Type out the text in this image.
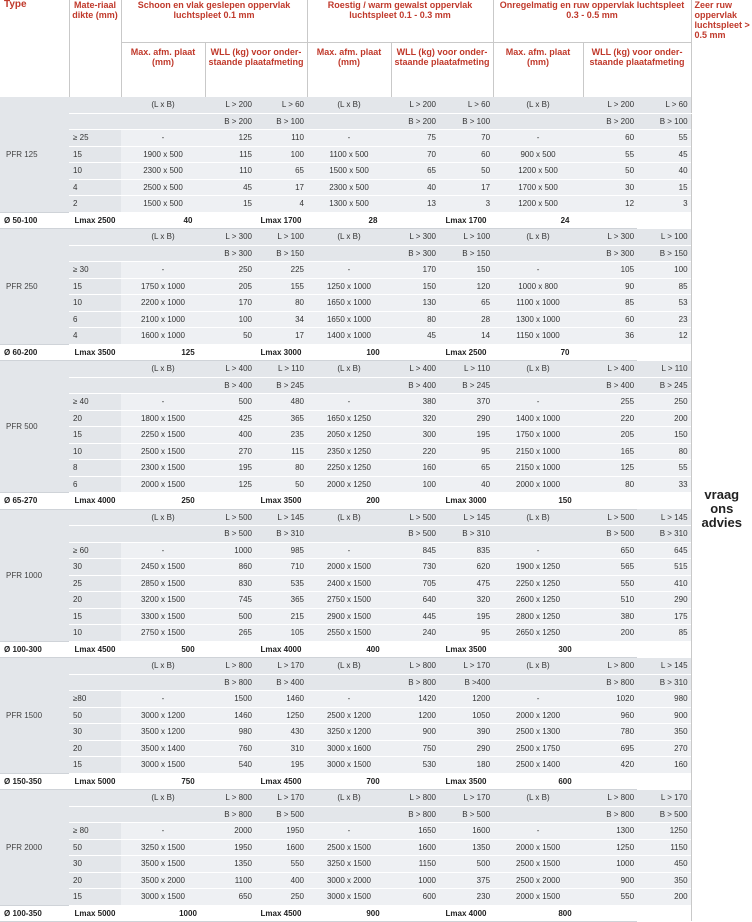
Type	Mate-riaal dikte (mm)	Schoon en vlak geslepen oppervlak luchtspleet 0.1 mm			Roestig / warm gewalst oppervlak luchtspleet 0.1 - 0.3 mm			Onregelmatig en ruw oppervlak luchtspleet 0.3 - 0.5 mm			Zeer ruw oppervlak luchtspleet > 0.5 mm
		Max. afm. plaat (mm)	WLL (kg) voor onder-staande plaatafmeting		Max. afm. plaat (mm)	WLL (kg) voor onder-staande plaatafmeting		Max. afm. plaat (mm)	WLL (kg) voor onder-staande plaatafmeting		
PFR 125		(L x B)	L > 200	L > 60	(L x B)	L > 200	L > 60	(L x B)	L > 200	L > 60	vraag ons advies
			B > 200	B > 100		B > 200	B > 100		B > 200	B > 100	
	≥ 25	-	125	110	-	75	70	-	60	55	
	15	1900 x 500	115	100	1100 x 500	70	60	900 x 500	55	45	
	10	2300 x 500	110	65	1500 x 500	65	50	1200 x 500	50	40	
	4	2500 x 500	45	17	2300 x 500	40	17	1700 x 500	30	15	
	2	1500 x 500	15	4	1300 x 500	13	3	1200 x 500	12	3	
Ø 50-100	Lmax 2500	40		Lmax 1700	28		Lmax 1700	24			
PFR 250		(L x B)	L > 300	L > 100	(L x B)	L > 300	L > 100	(L x B)	L > 300	L > 100	
			B > 300	B > 150		B > 300	B > 150		B > 300	B > 150	
	≥ 30	-	250	225	-	170	150	-	105	100	
	15	1750 x 1000	205	155	1250 x 1000	150	120	1000 x 800	90	85	
	10	2200 x 1000	170	80	1650 x 1000	130	65	1100 x 1000	85	53	
	6	2100 x 1000	100	34	1650 x 1000	80	28	1300 x 1000	60	23	
	4	1600 x 1000	50	17	1400 x 1000	45	14	1150 x 1000	36	12	
Ø 60-200	Lmax 3500	125		Lmax 3000	100		Lmax 2500	70			
PFR 500		(L x B)	L > 400	L > 110	(L x B)	L > 400	L > 110	(L x B)	L > 400	L > 110	
			B > 400	B > 245		B > 400	B > 245		B > 400	B > 245	
	≥ 40	-	500	480	-	380	370	-	255	250	
	20	1800 x 1500	425	365	1650 x 1250	320	290	1400 x 1000	220	200	
	15	2250 x 1500	400	235	2050 x 1250	300	195	1750 x 1000	205	150	
	10	2500 x 1500	270	115	2350 x 1250	220	95	2150 x 1000	165	80	
	8	2300 x 1500	195	80	2250 x 1250	160	65	2150 x 1000	125	55	
	6	2000 x 1500	125	50	2000 x 1250	100	40	2000 x 1000	80	33	
Ø 65-270	Lmax 4000	250		Lmax 3500	200		Lmax 3000	150			
PFR 1000		(L x B)	L > 500	L > 145	(L x B)	L > 500	L > 145	(L x B)	L > 500	L > 145	
			B > 500	B > 310		B > 500	B > 310		B > 500	B > 310	
	≥ 60	-	1000	985	-	845	835	-	650	645	
	30	2450 x 1500	860	710	2000 x 1500	730	620	1900 x 1250	565	515	
	25	2850 x 1500	830	535	2400 x 1500	705	475	2250 x 1250	550	410	
	20	3200 x 1500	745	365	2750 x 1500	640	320	2600 x 1250	510	290	
	15	3300 x 1500	500	215	2900 x 1500	445	195	2800 x 1250	380	175	
	10	2750 x 1500	265	105	2550 x 1500	240	95	2650 x 1250	200	85	
Ø 100-300	Lmax 4500	500		Lmax 4000	400		Lmax 3500	300			
PFR 1500		(L x B)	L > 800	L > 170	(L x B)	L > 800	L > 170	(L x B)	L > 800	L > 145	
			B > 800	B > 400		B > 800	B >400		B > 800	B > 310	
	≥80	-	1500	1460	-	1420	1200	-	1020	980	
	50	3000 x 1200	1460	1250	2500 x 1200	1200	1050	2000 x 1200	960	900	
	30	3500 x 1200	980	430	3250 x 1200	900	390	2500 x 1300	780	350	
	20	3500 x 1400	760	310	3000 x 1600	750	290	2500 x 1750	695	270	
	15	3000 x 1500	540	195	3000 x 1500	530	180	2500 x 1400	420	160	
Ø 150-350	Lmax 5000	750		Lmax 4500	700		Lmax 3500	600			
PFR 2000		(L x B)	L > 800	L > 170	(L x B)	L > 800	L > 170	(L x B)	L > 800	L > 170	
			B > 800	B > 500		B > 800	B > 500		B > 800	B > 500	
	≥ 80	-	2000	1950	-	1650	1600	-	1300	1250	
	50	3250 x 1500	1950	1600	2500 x 1500	1600	1350	2000 x 1500	1250	1150	
	30	3500 x 1500	1350	550	3250 x 1500	1150	500	2500 x 1500	1000	450	
	20	3500 x 2000	1100	400	3000 x 2000	1000	375	2500 x 2000	900	350	
	15	3000 x 1500	650	250	3000 x 1500	600	230	2000 x 1500	550	200	
Ø 100-350	Lmax 5000	1000		Lmax 4500	900		Lmax 4000	800			
